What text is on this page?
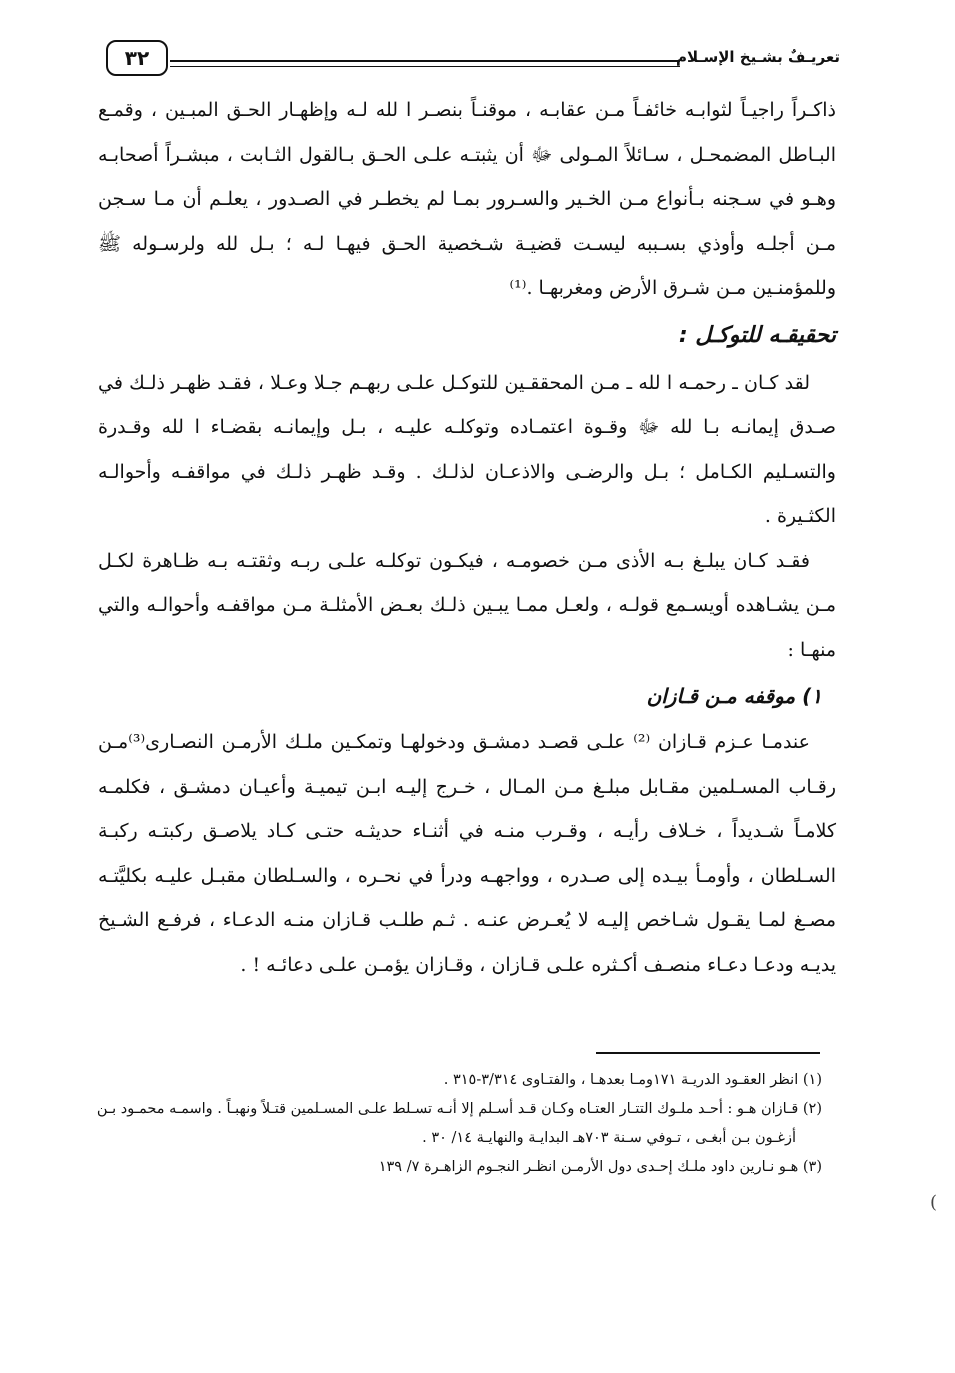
٣٢	تعريـفٌ بشـيخ الإسـلام

ذاكـراً راجيـاً لثوابـه خائفـاً مـن عقابـه ، موقنـاً بنصـر ا لله لـه وإظهـار الحـق المبـين ، وقمـع البـاطل المضمحـل ، سـائلاً المـولى ﷻ أن يثبتـه علـى الحـق بـالقول الثـابت ، مبشـراً أصحابـه وهـو في سـجنه بـأنواع مـن الخـير والسـرور بمـا لم يخطـر في الصـدور ، يعلـم أن مـا سـجن مـن أجلـه وأوذي بسـببه ليسـت قضيـة شـخصية الحـق فيهـا لـه ؛ بـل لله ولرسـوله ﷺ وللمؤمنـين مـن شـرق الأرض ومغربهـا .⁽¹⁾

تحقيقـه للتوكـل :

لقد كـان ـ رحمـه ا لله ـ مـن المحققـين للتوكـل علـى ربهـم جـلا وعـلا ، فقـد ظهـر ذلـك في صـدق إيمانـه بـا لله ﷻ وقـوة اعتمـاده وتوكلـه عليـه ، بـل وإيمانـه بقضـاء ا لله وقـدرة والتسـليم الكـامل ؛ بـل والرضـى والاذعـان لذلـك . وقـد ظهـر ذلـك في مواقفـه وأحوالـه الكثـيرة .

فقـد كـان يبلـغ بـه الأذى مـن خصومـه ، فيكـون توكلـه علـى ربـه وثقتـه بـه ظـاهرة لكـل مـن يشـاهده أويسـمع قولـه ، ولعـل ممـا يبـين ذلـك بعـض الأمثلـة مـن مواقفـه وأحوالـه والتي منهـا :

١) موقفه مـن قـازان

عندمـا عـزم قـازان ⁽²⁾ علـى قصـد دمشـق ودخولهـا وتمكـين ملـك الأرمـن النصـارى⁽³⁾مـن رقـاب المسـلمين مقـابل مبلـغ مـن المـال ، خـرج إليـه ابـن تيميـة وأعيـان دمشـق ، فكلمـه كلامـاً شـديداً ، خـلاف رأيـه ، وقـرب منـه في أثنـاء حديثـه حتـى كـاد يلاصـق ركبتـه ركبـة السـلطان ، وأومـأ بيـده إلى صـدره ، وواجهـه ودرأ في نحـره ، والسـلطان مقبـل عليـه بكليَّتـه مصـغ لمـا يقـول شـاخص إليـه لا يُعـرض عنـه . ثـم طلـب قـازان منـه الدعـاء ، فرفـع الشـيخ يديـه ودعـا دعـاء منصـف أكـثره علـى قـازان ، وقـازان يؤمـن علـى دعائـه ! .

(١) انظر العقـود الدريـة ١٧١ومـا بعدهـا ، والفتـاوى ٣/٣١٤-٣١٥ .

(٢) قـازان هـو : أحـد ملـوك التتـار العتـاه وكـان قـد أسـلم إلا أنـه تسـلط علـى المسـلمين قتـلاً ونهبـاً . واسمـه محمـود بـن

أزغـون بـن أبغـى ، تـوفي سـنة ٧٠٣هـ البدايـة والنهايـة ١٤/ ٣٠ .

(٣) هـو نـارين داود ملـك إحـدى دول الأرمـن انظـر النجـوم الزاهـرة ٧/ ١٣٩

(
